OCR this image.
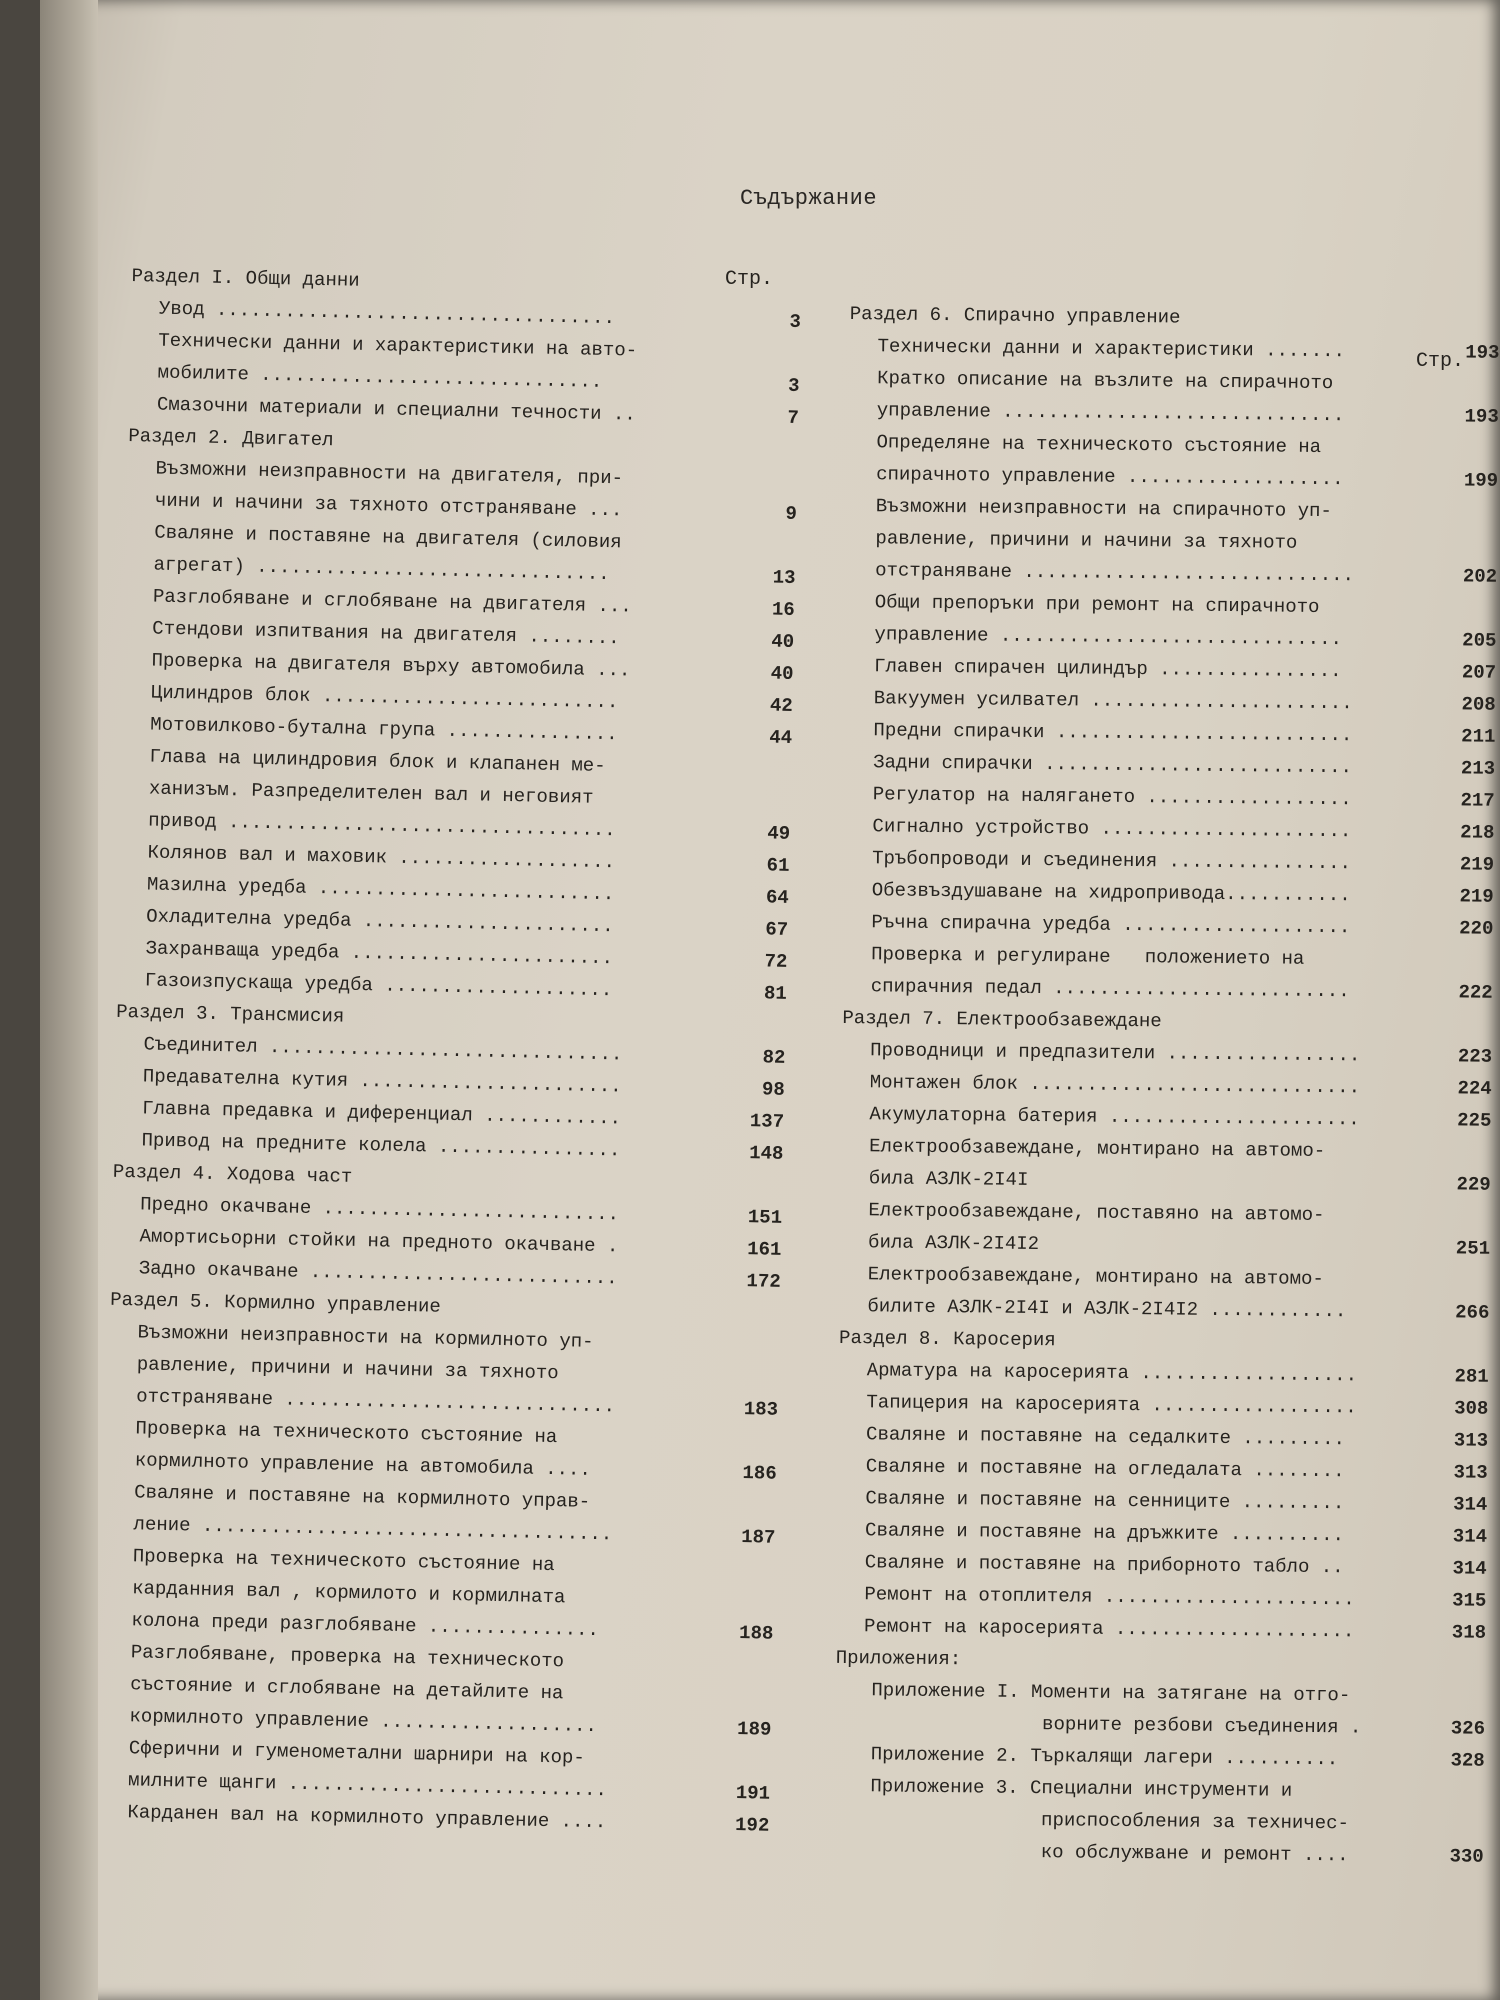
Съдържание
Стр.
Стр.
Раздел I. Общи данни
Увод ...................................	3
Технически данни и характеристики на авто-
мобилите ..............................	3
Смазочни материали и специални течности ..	7
Раздел 2. Двигател
Възможни неизправности на двигателя, при-
чини и начини за тяхното отстраняване ...	9
Сваляне и поставяне на двигателя (силовия
агрегат) ...............................	13
Разглобяване и сглобяване на двигателя ...	16
Стендови изпитвания на двигателя ........	40
Проверка на двигателя върху автомобила ...	40
Цилиндров блок ..........................	42
Мотовилково-бутална група ...............	44
Глава на цилиндровия блок и клапанен ме-
ханизъм. Разпределителен вал и неговият
привод ..................................	49
Колянов вал и маховик ...................	61
Мазилна уредба ..........................	64
Охладителна уредба ......................	67
Захранваща уредба .......................	72
Газоизпускаща уредба ....................	81
Раздел 3. Трансмисия
Съединител ...............................	82
Предавателна кутия .......................	98
Главна предавка и диференциал ............	137
Привод на предните колела ................	148
Раздел 4. Ходова част
Предно окачване ..........................	151
Амортисьорни стойки на предното окачване .	161
Задно окачване ...........................	172
Раздел 5. Кормилно управление
Възможни неизправности на кормилното уп-
равление, причини и начини за тяхното
отстраняване .............................	183
Проверка на техническото състояние на
кормилното управление на автомобила ....	186
Сваляне и поставяне на кормилното управ-
ление ....................................	187
Проверка на техническото състояние на
карданния вал , кормилото и кормилната
колона преди разглобяване ...............	188
Разглобяване, проверка на техническото
състояние и сглобяване на детайлите на
кормилното управление ...................	189
Сферични и гуменометални шарнири на кор-
милните щанги ............................	191
Карданен вал на кормилното управление ....	192
Раздел 6. Спирачно управление
Технически данни и характеристики .......	193
Кратко описание на възлите на спирачното
управление ..............................	193
Определяне на техническото състояние на
спирачното управление ...................	199
Възможни неизправности на спирачното уп-
равление, причини и начини за тяхното
отстраняване .............................	202
Общи препоръки при ремонт на спирачното
управление ..............................	205
Главен спирачен цилиндър ................	207
Вакуумен усилвател .......................	208
Предни спирачки ..........................	211
Задни спирачки ...........................	213
Регулатор на налягането ..................	217
Сигнално устройство ......................	218
Тръбопроводи и съединения ................	219
Обезвъздушаване на хидропривода...........	219
Ръчна спирачна уредба ....................	220
Проверка и регулиране   положението на
спирачния педал ..........................	222
Раздел 7. Електрообзавеждане
Проводници и предпазители .................	223
Монтажен блок .............................	224
Акумулаторна батерия ......................	225
Електрообзавеждане, монтирано на автомо-
била АЗЛК-2I4I	229
Електрообзавеждане, поставяно на автомо-
била АЗЛК-2I4I2	251
Електрообзавеждане, монтирано на автомо-
билите АЗЛК-2I4I и АЗЛК-2I4I2 ............	266
Раздел 8. Каросерия
Арматура на каросерията ...................	281
Тапицерия на каросерията ..................	308
Сваляне и поставяне на седалките .........	313
Сваляне и поставяне на огледалата ........	313
Сваляне и поставяне на сенниците .........	314
Сваляне и поставяне на дръжките ..........	314
Сваляне и поставяне на приборното табло ..	314
Ремонт на отоплителя ......................	315
Ремонт на каросерията .....................	318
Приложения:
Приложение I. Моменти на затягане на отго-
ворните резбови съединения .	326
Приложение 2. Търкалящи лагери ..........	328
Приложение 3. Специални инструменти и
приспособления за техничес-
ко обслужване и ремонт ....	330
